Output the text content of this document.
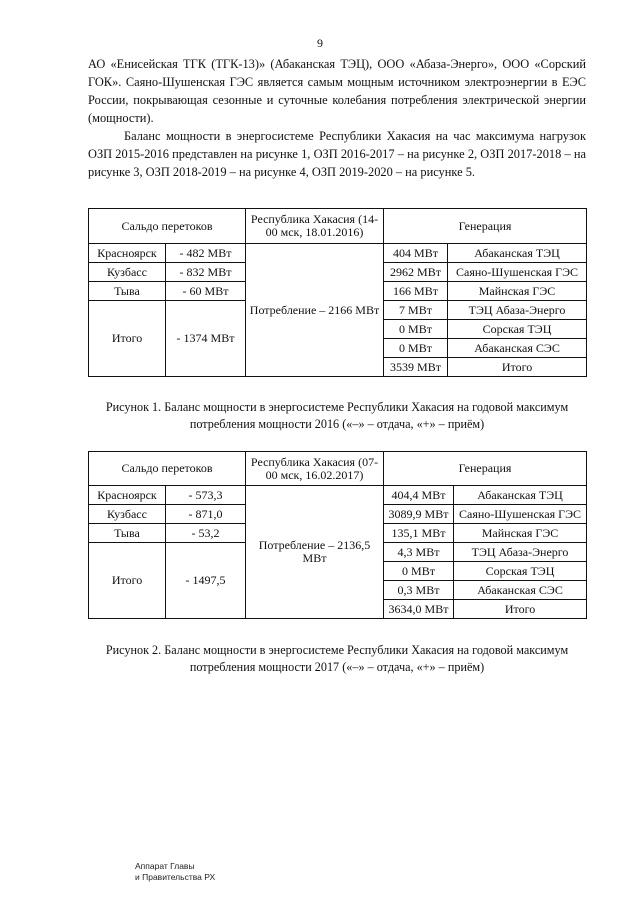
9

АО «Енисейская ТГК (ТГК-13)» (Абаканская ТЭЦ), ООО «Абаза-Энерго», ООО «Сорский ГОК». Саяно-Шушенская ГЭС является самым мощным источником электроэнергии в ЕЭС России, покрывающая сезонные и суточные колебания потребления электрической энергии (мощности).

Баланс мощности в энергосистеме Республики Хакасия на час максимума нагрузок ОЗП 2015-2016 представлен на рисунке 1, ОЗП 2016-2017 – на рисунке 2, ОЗП 2017-2018 – на рисунке 3, ОЗП 2018-2019 – на рисунке 4, ОЗП 2019-2020 – на рисунке 5.

Сальдо перетоков		Республика Хакасия (14-00 мск, 18.01.2016)	Генерация	
Красноярск	- 482 МВт	Потребление – 2166 МВт	404 МВт	Абаканская ТЭЦ
Кузбасс	- 832 МВт		2962 МВт	Саяно-Шушенская ГЭС
Тыва	- 60 МВт		166 МВт	Майнская ГЭС
Итого	- 1374 МВт		7 МВт	ТЭЦ Абаза-Энерго
			0 МВт	Сорская ТЭЦ
			0 МВт	Абаканская СЭС
			3539 МВт	Итого

Рисунок 1. Баланс мощности в энергосистеме Республики Хакасия на годовой максимум потребления мощности 2016 («–» – отдача, «+» – приём)

Сальдо перетоков		Республика Хакасия (07-00 мск, 16.02.2017)	Генерация	
Красноярск	- 573,3	Потребление – 2136,5 МВт	404,4 МВт	Абаканская ТЭЦ
Кузбасс	- 871,0		3089,9 МВт	Саяно-Шушенская ГЭС
Тыва	- 53,2		135,1 МВт	Майнская ГЭС
Итого	- 1497,5		4,3 МВт	ТЭЦ Абаза-Энерго
			0 МВт	Сорская ТЭЦ
			0,3 МВт	Абаканская СЭС
			3634,0 МВт	Итого

Рисунок 2. Баланс мощности в энергосистеме Республики Хакасия на годовой максимум потребления мощности 2017 («–» – отдача, «+» – приём)

Аппарат Главы
и Правительства РХ
